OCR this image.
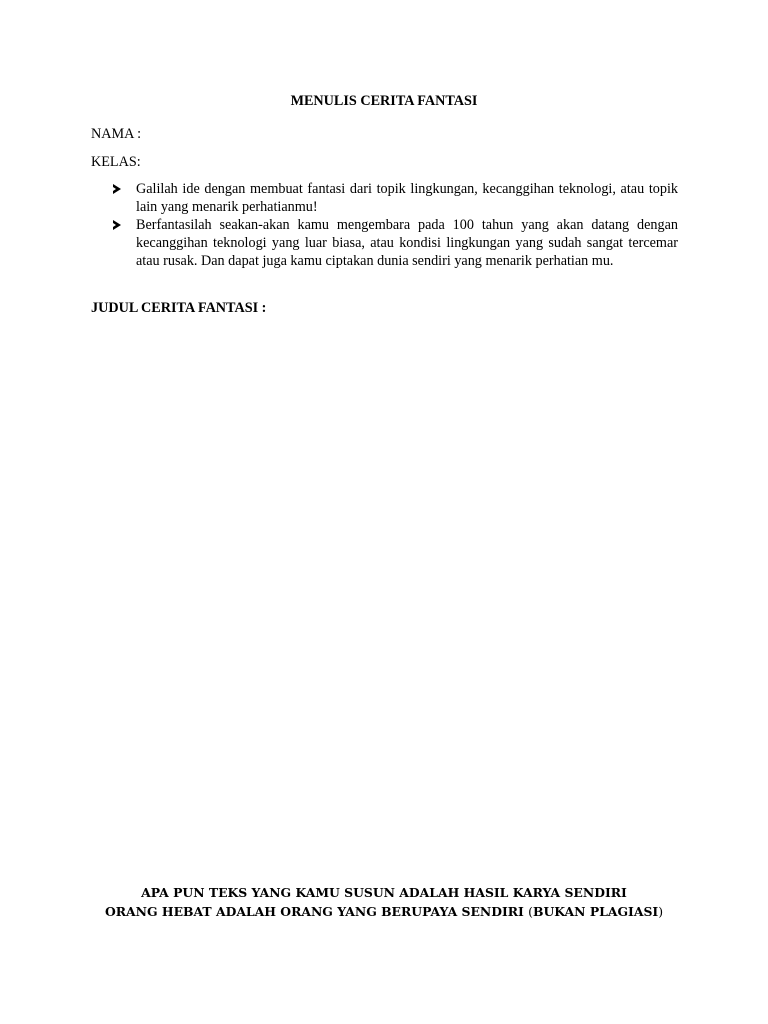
MENULIS CERITA FANTASI
NAMA :
KELAS:
Galilah ide dengan membuat fantasi dari topik lingkungan, kecanggihan teknologi, atau topik lain yang menarik perhatianmu!
Berfantasilah seakan-akan kamu mengembara pada 100 tahun yang akan datang dengan kecanggihan teknologi yang luar biasa, atau kondisi lingkungan yang sudah sangat tercemar atau rusak. Dan dapat juga kamu ciptakan dunia sendiri yang menarik perhatian mu.
JUDUL CERITA FANTASI :
APA PUN TEKS YANG KAMU SUSUN ADALAH HASIL KARYA SENDIRI
ORANG HEBAT ADALAH ORANG YANG BERUPAYA SENDIRI (BUKAN PLAGIASI)
